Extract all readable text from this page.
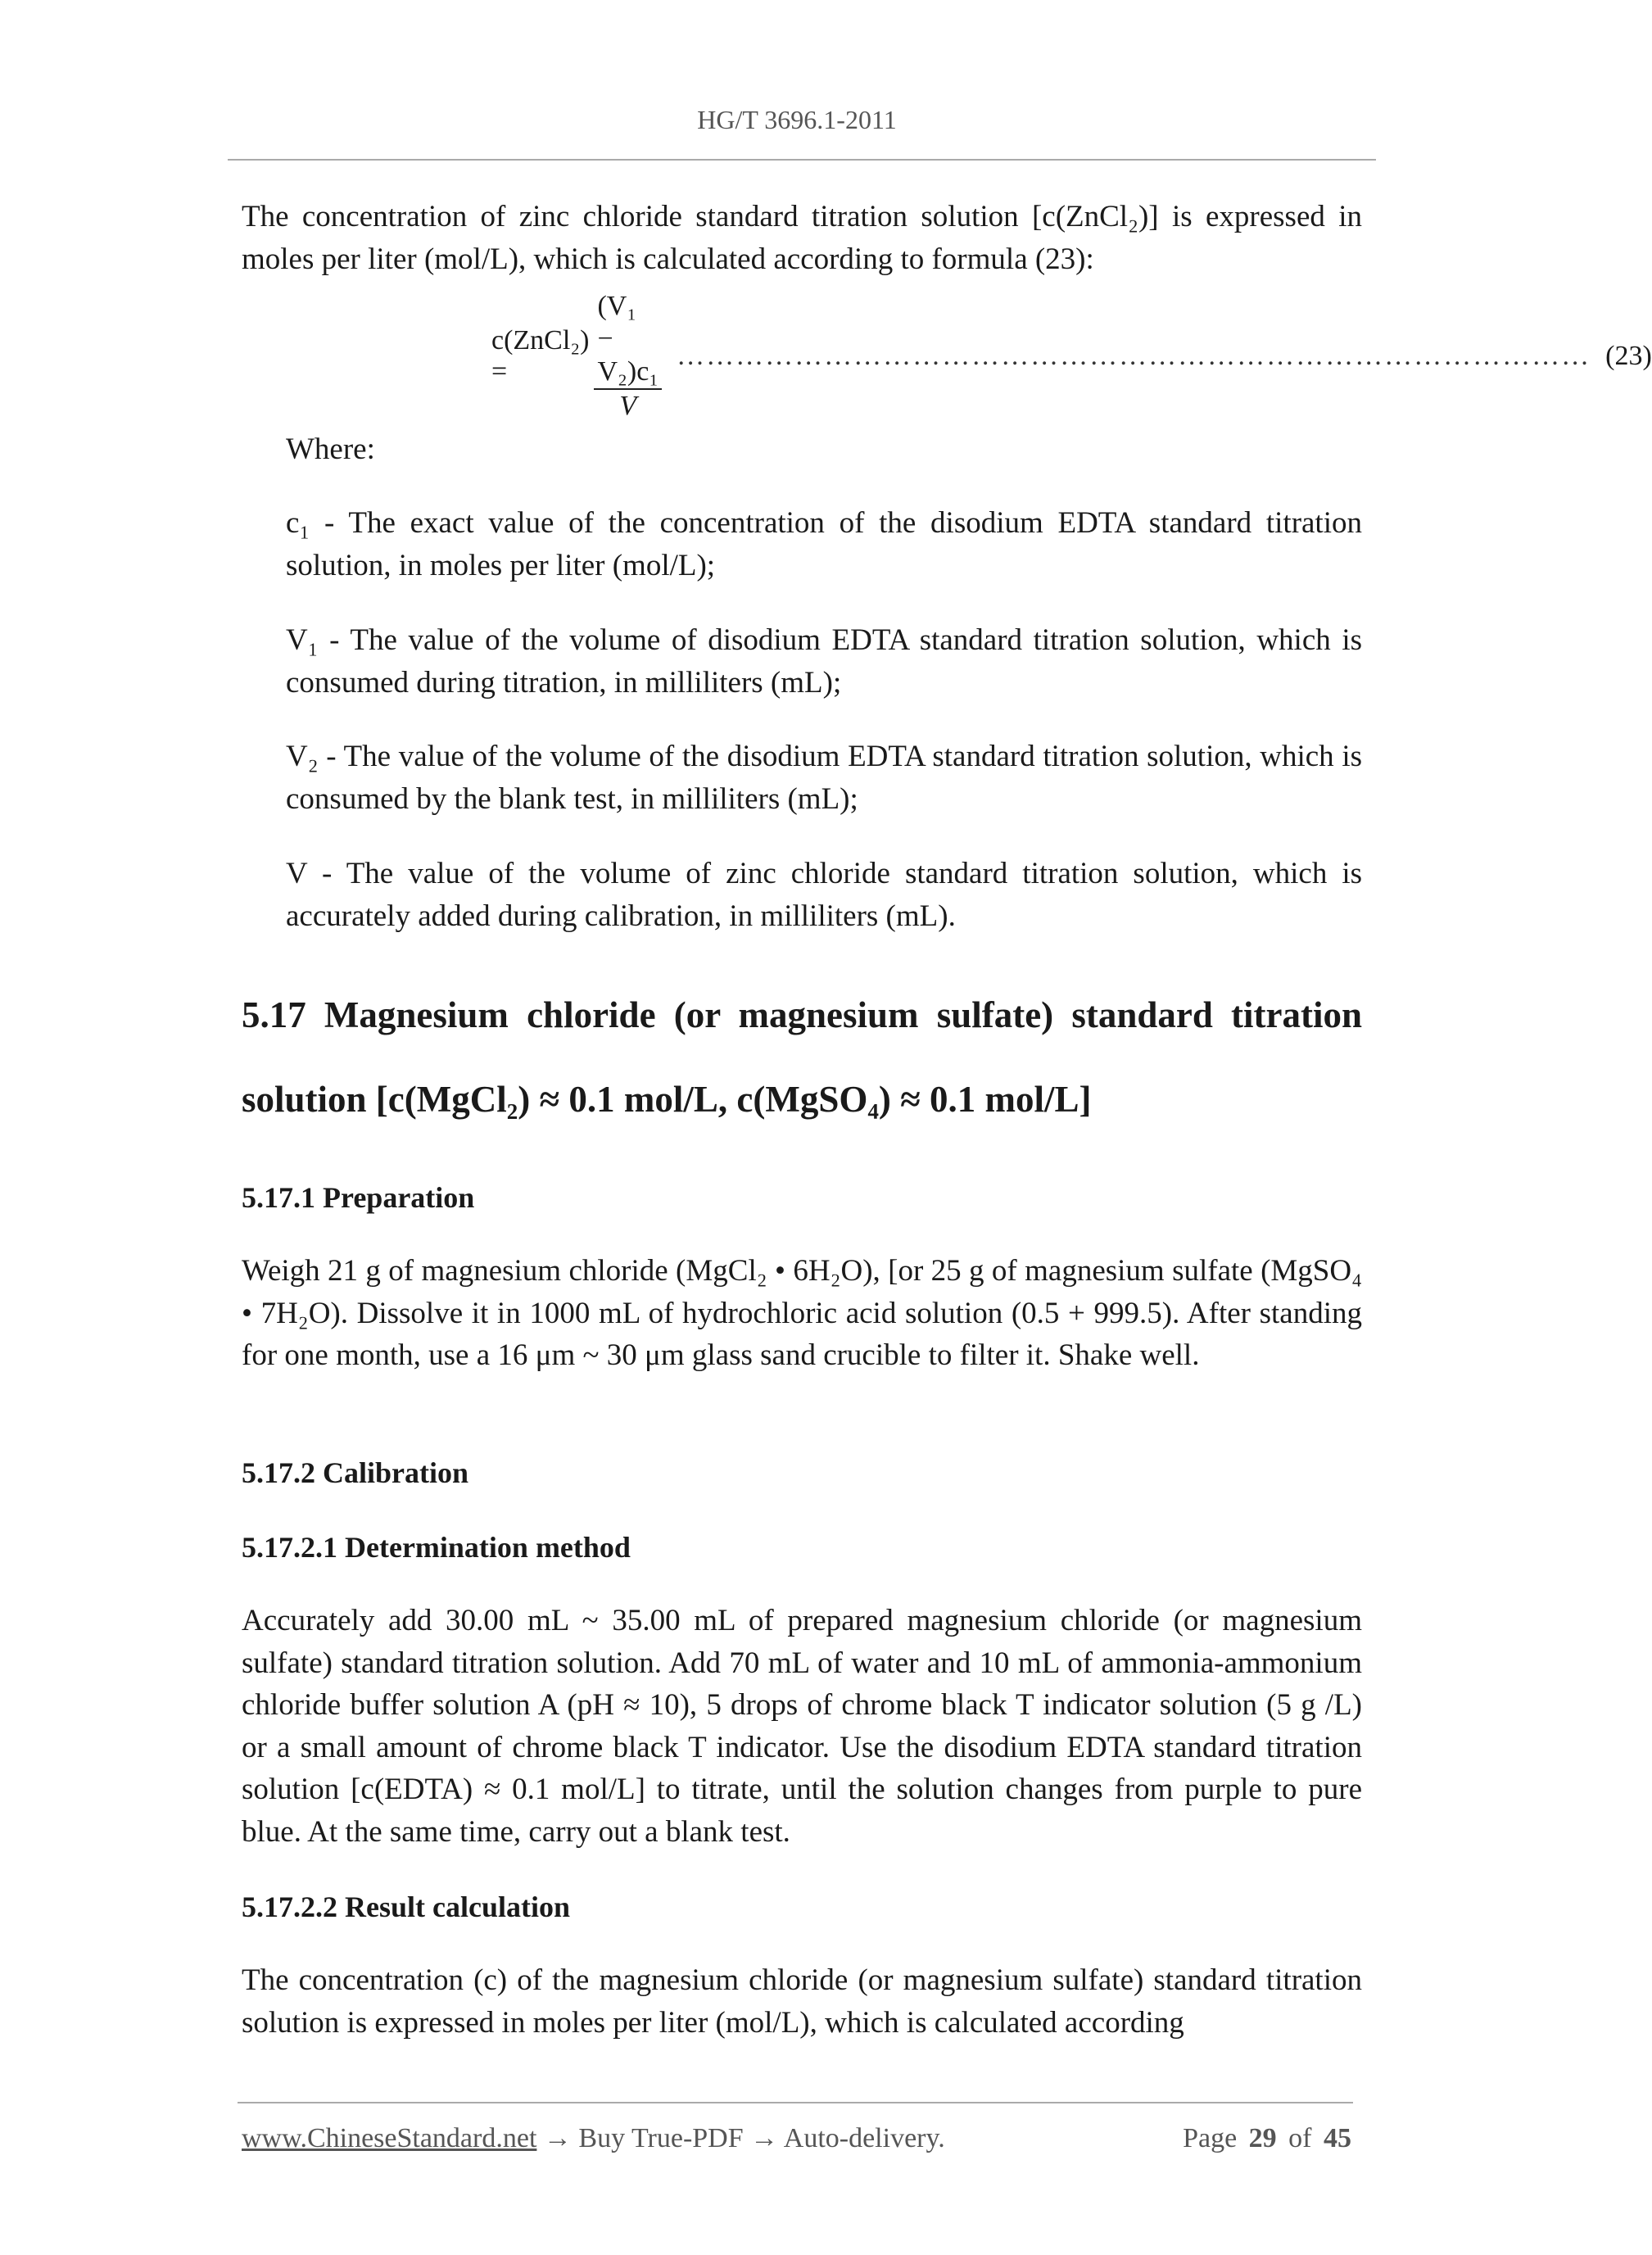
HG/T 3696.1-2011
The concentration of zinc chloride standard titration solution [c(ZnCl₂)] is expressed in moles per liter (mol/L), which is calculated according to formula (23):
c(ZnCl₂) =	$\frac{\text{(V₁ − V₂)c₁}}{V}$ ………………………………………………………………………………… (23)
Where:
c₁ - The exact value of the concentration of the disodium EDTA standard titration solution, in moles per liter (mol/L);
V₁ - The value of the volume of disodium EDTA standard titration solution, which is consumed during titration, in milliliters (mL);
V₂ - The value of the volume of the disodium EDTA standard titration solution, which is consumed by the blank test, in milliliters (mL);
V - The value of the volume of zinc chloride standard titration solution, which is accurately added during calibration, in milliliters (mL).
5.17 Magnesium chloride (or magnesium sulfate) standard titration solution [c(MgCl₂) ≈ 0.1 mol/L, c(MgSO₄) ≈ 0.1 mol/L]
5.17.1 Preparation
Weigh 21 g of magnesium chloride (MgCl₂ • 6H₂O), [or 25 g of magnesium sulfate (MgSO₄ • 7H₂O). Dissolve it in 1000 mL of hydrochloric acid solution (0.5 + 999.5). After standing for one month, use a 16 μm ~ 30 μm glass sand crucible to filter it. Shake well.
5.17.2 Calibration
5.17.2.1 Determination method
Accurately add 30.00 mL ~ 35.00 mL of prepared magnesium chloride (or magnesium sulfate) standard titration solution. Add 70 mL of water and 10 mL of ammonia-ammonium chloride buffer solution A (pH ≈ 10), 5 drops of chrome black T indicator solution (5 g /L) or a small amount of chrome black T indicator. Use the disodium EDTA standard titration solution [c(EDTA) ≈ 0.1 mol/L] to titrate, until the solution changes from purple to pure blue. At the same time, carry out a blank test.
5.17.2.2 Result calculation
The concentration (c) of the magnesium chloride (or magnesium sulfate) standard titration solution is expressed in moles per liter (mol/L), which is calculated according
www.ChineseStandard.net → Buy True-PDF → Auto-delivery.	Page 29 of 45
